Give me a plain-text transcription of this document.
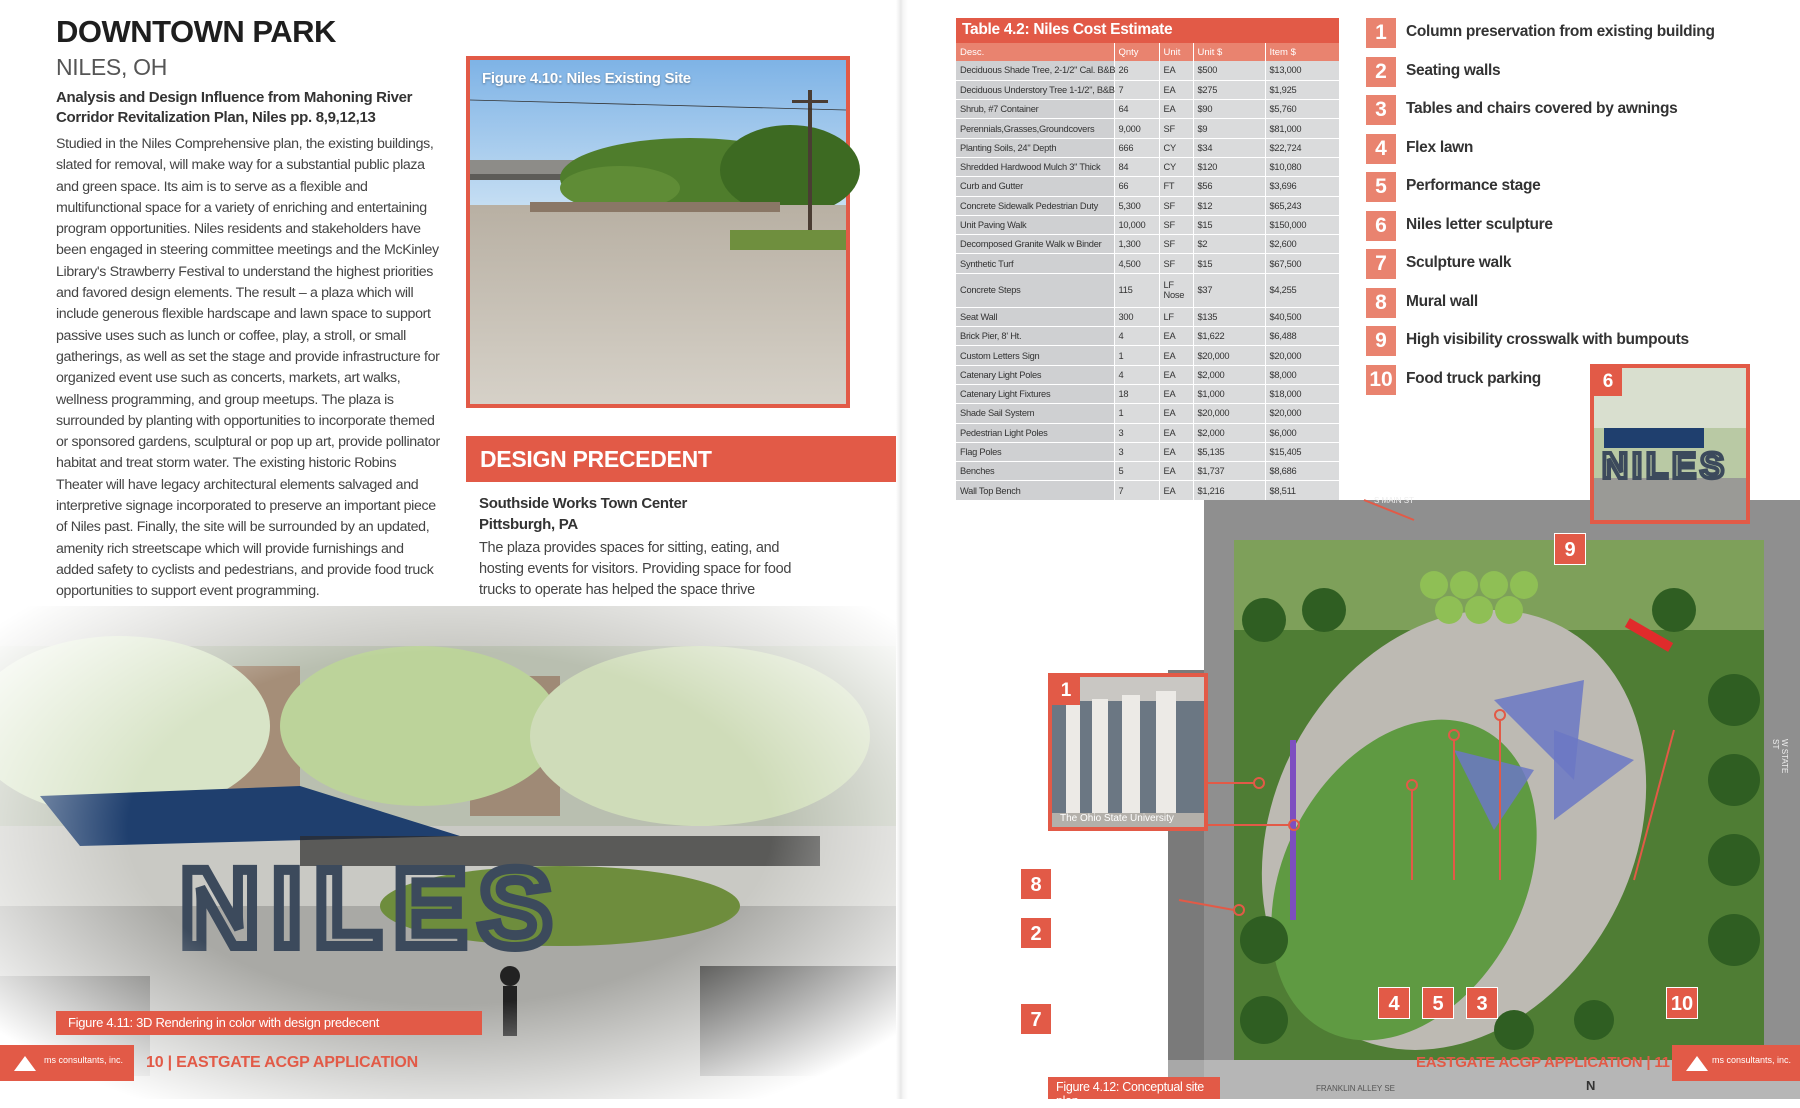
DOWNTOWN PARK
NILES, OH
Analysis and Design Influence from Mahoning River Corridor Revitalization Plan, Niles pp. 8,9,12,13
Studied in the Niles Comprehensive plan, the existing buildings, slated for removal, will make way for a substantial public plaza and green space. Its aim is to serve as a flexible and multifunctional space for a variety of enriching and entertaining program opportunities. Niles residents and stakeholders have been engaged in steering committee meetings and the McKinley Library's Strawberry Festival to understand the highest priorities and favored design elements. The result – a plaza which will include generous flexible hardscape and lawn space to support passive uses such as lunch or coffee, play, a stroll, or small gatherings, as well as set the stage and provide infrastructure for organized event use such as concerts, markets, art walks, wellness programming, and group meetups. The plaza is surrounded by planting with opportunities to incorporate themed or sponsored gardens, sculptural or pop up art, provide pollinator habitat and treat storm water. The existing historic Robins Theater will have legacy architectural elements salvaged and interpretive signage incorporated to preserve an important piece of Niles past. Finally, the site will be surrounded by an updated, amenity rich streetscape which will provide furnishings and added safety to cyclists and pedestrians, and provide food truck opportunities to support event programming.
Figure 4.10: Niles Existing Site
DESIGN PRECEDENT
Southside Works Town Center
Pittsburgh, PA
The plaza provides spaces for sitting, eating, and hosting events for visitors. Providing space for food trucks to operate has helped the space thrive
Figure 4.11: 3D Rendering in color with design predecent
ms consultants, inc.	10 | EASTGATE ACGP APPLICATION
Table 4.2: Niles Cost Estimate
Desc.	Qnty	Unit	Unit $	Item $
Deciduous Shade Tree, 2-1/2" Cal. B&B	26	EA	$500	$13,000
Deciduous Understory Tree 1-1/2", B&B	7	EA	$275	$1,925
Shrub, #7 Container	64	EA	$90	$5,760
Perennials,Grasses,Groundcovers	9,000	SF	$9	$81,000
Planting Soils, 24" Depth	666	CY	$34	$22,724
Shredded Hardwood Mulch 3" Thick	84	CY	$120	$10,080
Curb and Gutter	66	FT	$56	$3,696
Concrete Sidewalk Pedestrian Duty	5,300	SF	$12	$65,243
Unit Paving Walk	10,000	SF	$15	$150,000
Decomposed Granite Walk w Binder	1,300	SF	$2	$2,600
Synthetic Turf	4,500	SF	$15	$67,500
Concrete Steps	115	LF Nose	$37	$4,255
Seat Wall	300	LF	$135	$40,500
Brick Pier, 8' Ht.	4	EA	$1,622	$6,488
Custom Letters Sign	1	EA	$20,000	$20,000
Catenary Light Poles	4	EA	$2,000	$8,000
Catenary Light Fixtures	18	EA	$1,000	$18,000
Shade Sail System	1	EA	$20,000	$20,000
Pedestrian Light Poles	3	EA	$2,000	$6,000
Flag Poles	3	EA	$5,135	$15,405
Benches	5	EA	$1,737	$8,686
Wall Top Bench	7	EA	$1,216	$8,511

1	Column preservation from existing building
2	Seating walls
3	Tables and chairs covered by awnings
4	Flex lawn
5	Performance stage
6	Niles letter sculpture
7	Sculpture walk
8	Mural wall
9	High visibility crosswalk with bumpouts
10 Food truck parking
S MAIN ST
W STATE ST
FRANKLIN ALLEY SE	N
8
2
7
4	5	3
9
10
1
The Ohio State University
6
NILES
Figure 4.12: Conceptual site plan
EASTGATE ACGP APPLICATION | 11	ms consultants, inc.
